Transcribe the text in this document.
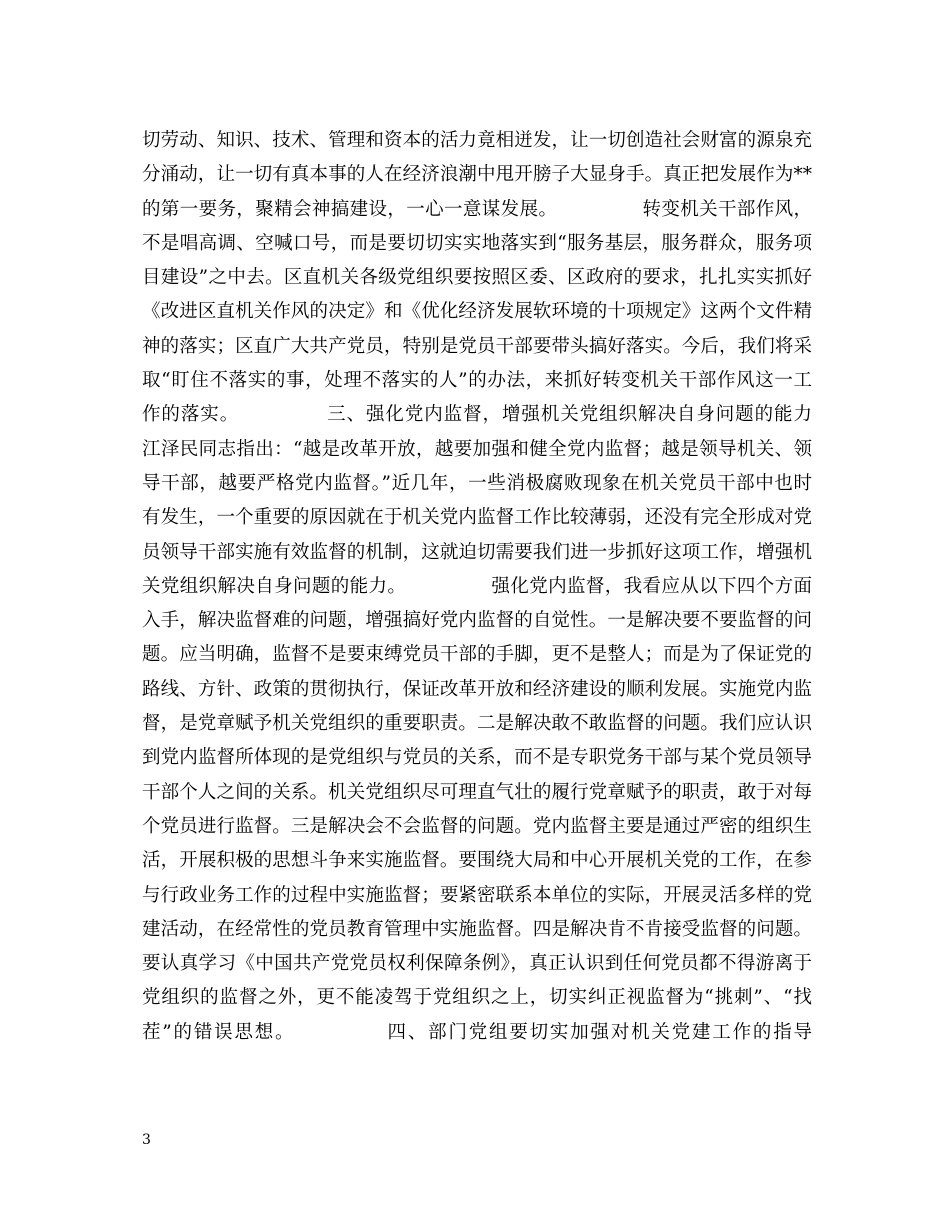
切劳动、知识、技术、管理和资本的活力竟相迸发，让一切创造社会财富的源泉充
分涌动，让一切有真本事的人在经济浪潮中甩开膀子大显身手。真正把发展作为**
的第一要务，聚精会神搞建设，一心一意谋发展。　　　　　转变机关干部作风，
不是唱高调、空喊口号，而是要切切实实地落实到“服务基层，服务群众，服务项
目建设”之中去。区直机关各级党组织要按照区委、区政府的要求，扎扎实实抓好
《改进区直机关作风的决定》和《优化经济发展软环境的十项规定》这两个文件精
神的落实；区直广大共产党员，特别是党员干部要带头搞好落实。今后，我们将采
取“盯住不落实的事，处理不落实的人”的办法，来抓好转变机关干部作风这一工
作的落实。　　　　　三、强化党内监督，增强机关党组织解决自身问题的能力
江泽民同志指出：“越是改革开放，越要加强和健全党内监督；越是领导机关、领
导干部，越要严格党内监督。”近几年，一些消极腐败现象在机关党员干部中也时
有发生，一个重要的原因就在于机关党内监督工作比较薄弱，还没有完全形成对党
员领导干部实施有效监督的机制，这就迫切需要我们进一步抓好这项工作，增强机
关党组织解决自身问题的能力。　　　　　强化党内监督，我看应从以下四个方面
入手，解决监督难的问题，增强搞好党内监督的自觉性。一是解决要不要监督的问
题。应当明确，监督不是要束缚党员干部的手脚，更不是整人；而是为了保证党的
路线、方针、政策的贯彻执行，保证改革开放和经济建设的顺利发展。实施党内监
督，是党章赋予机关党组织的重要职责。二是解决敢不敢监督的问题。我们应认识
到党内监督所体现的是党组织与党员的关系，而不是专职党务干部与某个党员领导
干部个人之间的关系。机关党组织尽可理直气壮的履行党章赋予的职责，敢于对每
个党员进行监督。三是解决会不会监督的问题。党内监督主要是通过严密的组织生
活，开展积极的思想斗争来实施监督。要围绕大局和中心开展机关党的工作，在参
与行政业务工作的过程中实施监督；要紧密联系本单位的实际，开展灵活多样的党
建活动，在经常性的党员教育管理中实施监督。四是解决肯不肯接受监督的问题。
要认真学习《中国共产党党员权利保障条例》，真正认识到任何党员都不得游离于
党组织的监督之外，更不能凌驾于党组织之上，切实纠正视监督为“挑刺”、“找
茬”的错误思想。　　　　　四、部门党组要切实加强对机关党建工作的指导
3
